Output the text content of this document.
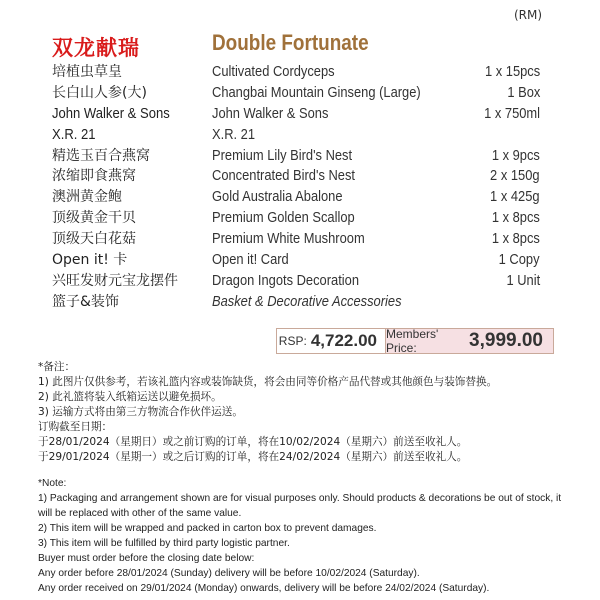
(RM)
双龙献瑞	Double Fortunate
培植虫草皇	Cultivated Cordyceps	1 x 15pcs
长白山人参(大)	Changbai Mountain Ginseng (Large)	1 Box
John Walker & Sons	John Walker & Sons	1 x 750ml
X.R. 21	X.R. 21
精选玉百合燕窝	Premium Lily Bird's Nest	1 x 9pcs
浓缩即食燕窝	Concentrated Bird's Nest	2 x 150g
澳洲黄金鲍	Gold Australia Abalone	1 x 425g
顶级黄金干贝	Premium Golden Scallop	1 x 8pcs
顶级天白花菇	Premium White Mushroom	1 x 8pcs
Open it! 卡	Open it! Card	1 Copy
兴旺发财元宝龙摆件 Dragon Ingots Decoration	1 Unit
篮子&装饰	Basket & Decorative Accessories
RSP: 4,722.00 Members' Price:	3,999.00
*备注：
1) 此图片仅供参考，若该礼篮内容或装饰缺货，将会由同等价格产品代替或其他颜色与装饰替换。
2) 此礼篮将装入纸箱运送以避免损坏。
3) 运输方式将由第三方物流合作伙伴运送。
订购截至日期：
于28/01/2024（星期日）或之前订购的订单，将在10/02/2024（星期六）前送至收礼人。
于29/01/2024（星期一）或之后订购的订单，将在24/02/2024（星期六）前送至收礼人。
*Note:
1) Packaging and arrangement shown are for visual purposes only. Should products & decorations be out of stock, it
will be replaced with other of the same value.
2) This item will be wrapped and packed in carton box to prevent damages.
3) This item will be fulfilled by third party logistic partner.
Buyer must order before the closing date below:
Any order before 28/01/2024 (Sunday) delivery will be before 10/02/2024 (Saturday).
Any order received on 29/01/2024 (Monday) onwards, delivery will be before 24/02/2024 (Saturday).
